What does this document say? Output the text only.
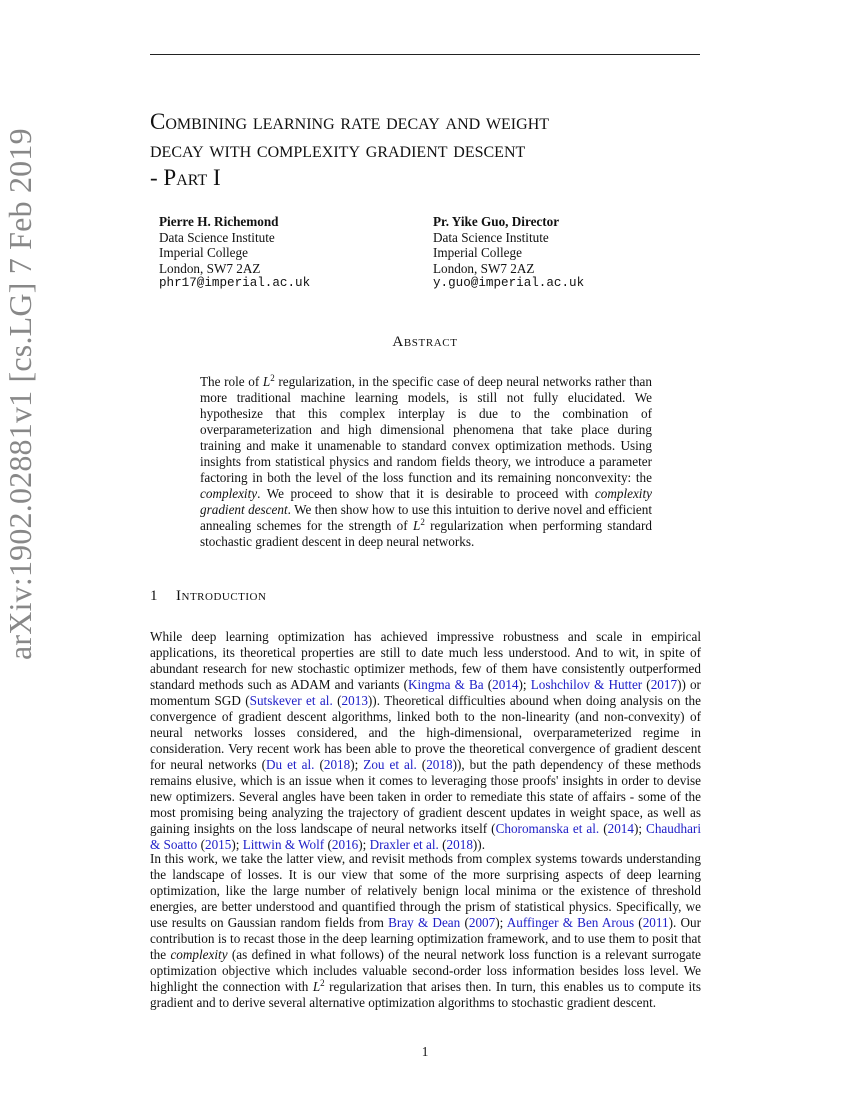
arXiv:1902.02881v1 [cs.LG] 7 Feb 2019
Combining learning rate decay and weight
decay with complexity gradient descent
- Part I
Pierre H. Richemond
Data Science Institute
Imperial College
London, SW7 2AZ
phr17@imperial.ac.uk
Pr. Yike Guo, Director
Data Science Institute
Imperial College
London, SW7 2AZ
y.guo@imperial.ac.uk
Abstract

The role of $L^2$ regularization, in the specific case of deep neural networks rather than more traditional machine learning models, is still not fully elucidated. We hypothesize that this complex interplay is due to the combination of overparameterization and high dimensional phenomena that take place during training and make it unamenable to standard convex optimization methods. Using insights from statistical physics and random fields theory, we introduce a parameter factoring in both the level of the loss function and its remaining nonconvexity: the complexity. We proceed to show that it is desirable to proceed with complexity gradient descent. We then show how to use this intuition to derive novel and efficient annealing schemes for the strength of $L^2$ regularization when performing standard stochastic gradient descent in deep neural networks.

1 Introduction

While deep learning optimization has achieved impressive robustness and scale in empirical applications, its theoretical properties are still to date much less understood. And to wit, in spite of abundant research for new stochastic optimizer methods, few of them have consistently outperformed standard methods such as ADAM and variants (Kingma & Ba (2014); Loshchilov & Hutter (2017)) or momentum SGD (Sutskever et al. (2013)). Theoretical difficulties abound when doing analysis on the convergence of gradient descent algorithms, linked both to the non-linearity (and non-convexity) of neural networks losses considered, and the high-dimensional, overparameterized regime in consideration. Very recent work has been able to prove the theoretical convergence of gradient descent for neural networks (Du et al. (2018); Zou et al. (2018)), but the path dependency of these methods remains elusive, which is an issue when it comes to leveraging those proofs' insights in order to devise new optimizers. Several angles have been taken in order to remediate this state of affairs - some of the most promising being analyzing the trajectory of gradient descent updates in weight space, as well as gaining insights on the loss landscape of neural networks itself (Choromanska et al. (2014); Chaudhari & Soatto (2015); Littwin & Wolf (2016); Draxler et al. (2018)).

In this work, we take the latter view, and revisit methods from complex systems towards understanding the landscape of losses. It is our view that some of the more surprising aspects of deep learning optimization, like the large number of relatively benign local minima or the existence of threshold energies, are better understood and quantified through the prism of statistical physics. Specifically, we use results on Gaussian random fields from Bray & Dean (2007); Auffinger & Ben Arous (2011). Our contribution is to recast those in the deep learning optimization framework, and to use them to posit that the complexity (as defined in what follows) of the neural network loss function is a relevant surrogate optimization objective which includes valuable second-order loss information besides loss level. We highlight the connection with $L^2$ regularization that arises then. In turn, this enables us to compute its gradient and to derive several alternative optimization algorithms to stochastic gradient descent.

1
